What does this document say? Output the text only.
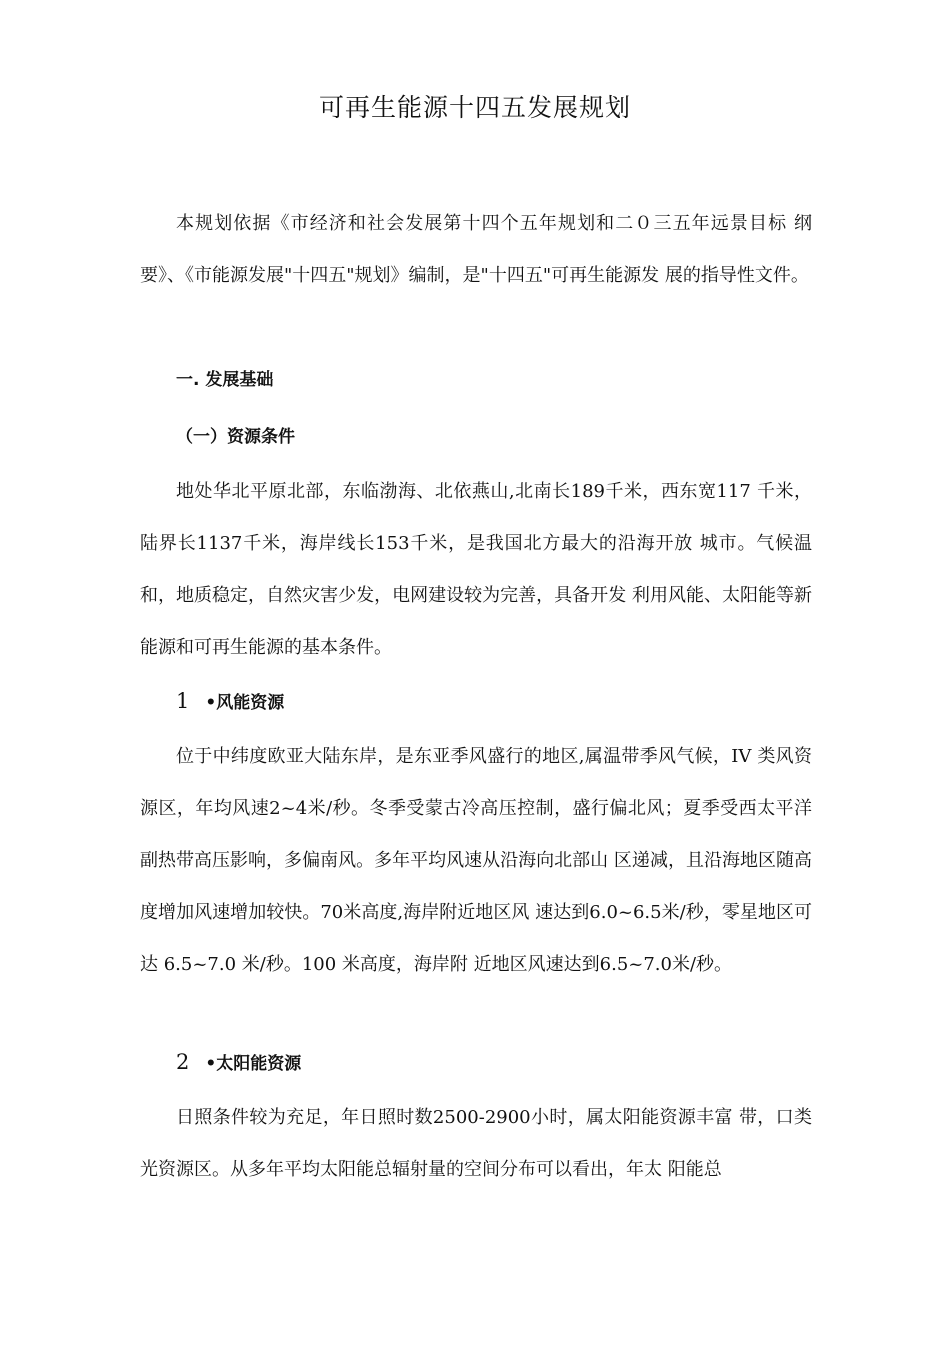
可再生能源十四五发展规划

本规划依据《市经济和社会发展第十四个五年规划和二０三五年远景目标 纲要》、《市能源发展"十四五"规划》编制，是"十四五"可再生能源发 展的指导性文件。

一. 发展基础
（一）资源条件

地处华北平原北部，东临渤海、北依燕山,北南长189千米，西东宽117 千米，陆界长1137千米，海岸线长153千米，是我国北方最大的沿海开放 城市。气候温和，地质稳定，自然灾害少发，电网建设较为完善，具备开发 利用风能、太阳能等新能源和可再生能源的基本条件。

1 •风能资源

位于中纬度欧亚大陆东岸，是东亚季风盛行的地区,属温带季风气候，IV 类风资源区，年均风速2~4米/秒。冬季受蒙古冷高压控制，盛行偏北风；夏季受西太平洋副热带高压影响，多偏南风。多年平均风速从沿海向北部山 区递减，且沿海地区随高度增加风速增加较快。70米高度,海岸附近地区风 速达到6.0~6.5米/秒，零星地区可达 6.5~7.0 米/秒。100 米高度，海岸附 近地区风速达到6.5~7.0米/秒。

2 •太阳能资源

日照条件较为充足，年日照时数2500-2900小时，属太阳能资源丰富 带，口类光资源区。从多年平均太阳能总辐射量的空间分布可以看出，年太 阳能总
